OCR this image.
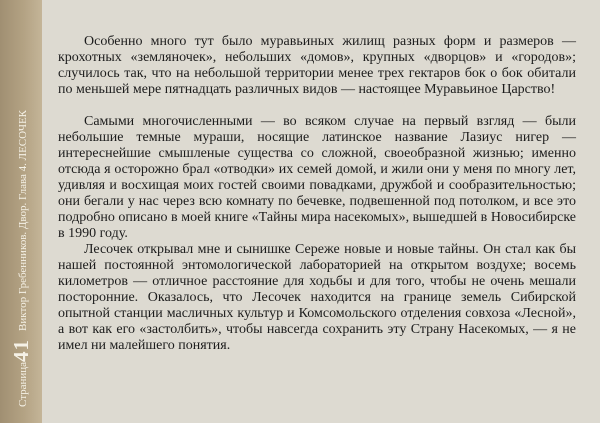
Страница41Виктор Гребенников. Двор. Глава 4. ЛЕСОЧЕК

Особенно много тут было муравьиных жилищ разных форм и размеров — крохотных «земляночек», небольших «домов», крупных «дворцов» и «городов»; случилось так, что на небольшой территории менее трех гектаров бок о бок обитали по меньшей мере пятнадцать различных видов — настоящее Муравьиное Царство!

Самыми многочисленными — во всяком случае на первый взгляд — были небольшие темные мураши, носящие латинское название Лазиус нигер — интереснейшие смышленые существа со сложной, своеобразной жизнью; именно отсюда я осторожно брал «отводки» их семей домой, и жили они у меня по многу лет, удивляя и восхищая моих гостей своими повадками, дружбой и сообразительностью; они бегали у нас через всю комнату по бечевке, подвешенной под потолком, и все это подробно описано в моей книге «Тайны мира насекомых», вышедшей в Новосибирске в 1990 году.

Лесочек открывал мне и сынишке Сереже новые и новые тайны. Он стал как бы нашей постоянной энтомологической лабораторией на открытом воздухе; восемь километров — отличное расстояние для ходьбы и для того, чтобы не очень мешали посторонние. Оказалось, что Лесочек находится на границе земель Сибирской опытной станции масличных культур и Комсомольского отделения совхоза «Лесной», а вот как его «застолбить», чтобы навсегда сохранить эту Страну Насекомых, — я не имел ни малейшего понятия.
